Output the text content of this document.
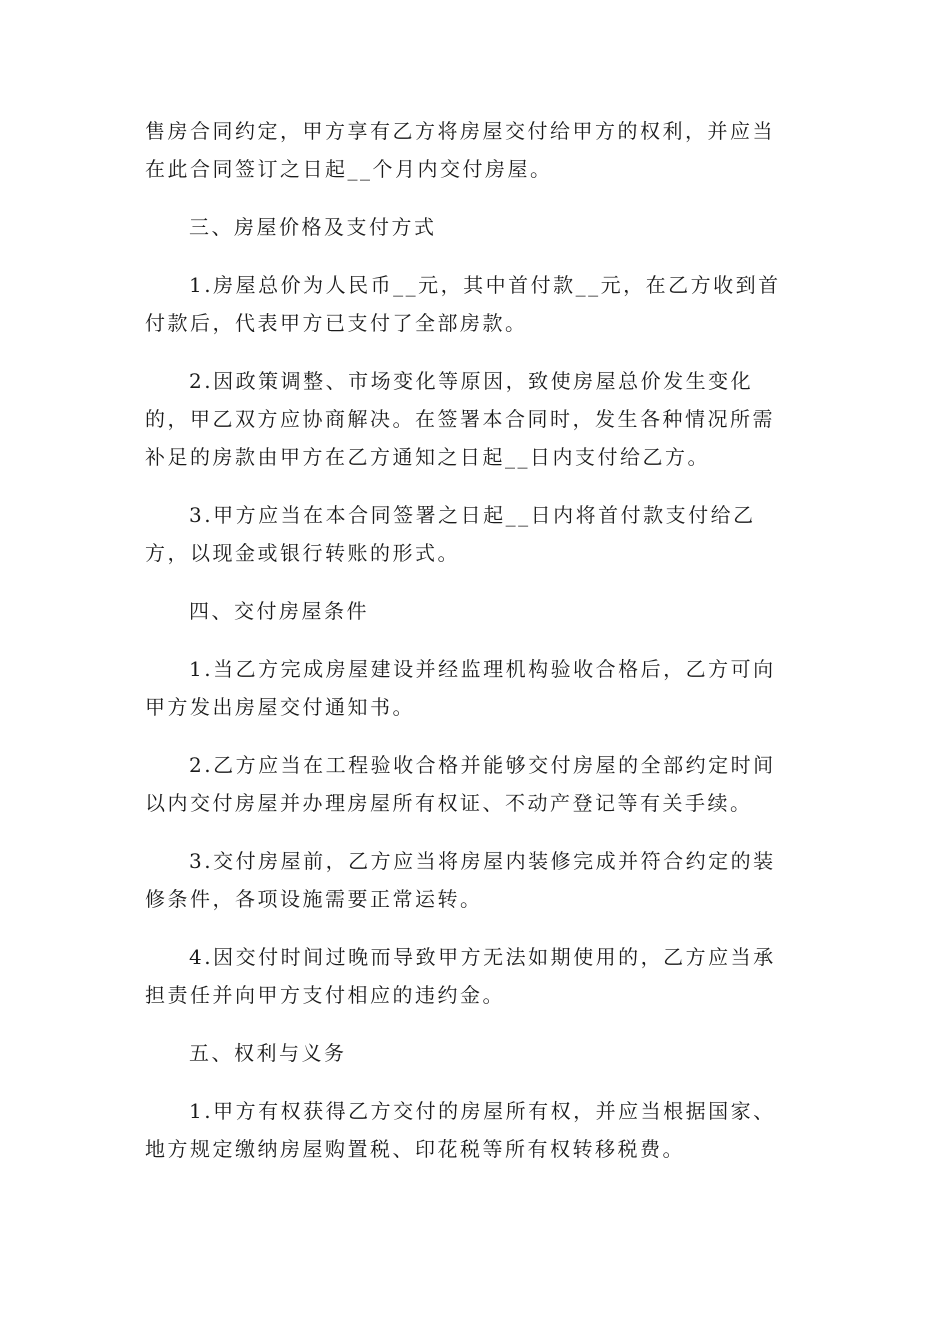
售房合同约定，甲方享有乙方将房屋交付给甲方的权利，并应当在此合同签订之日起__个月内交付房屋。

三、房屋价格及支付方式

1.房屋总价为人民币__元，其中首付款__元，在乙方收到首付款后，代表甲方已支付了全部房款。

2.因政策调整、市场变化等原因，致使房屋总价发生变化的，甲乙双方应协商解决。在签署本合同时，发生各种情况所需补足的房款由甲方在乙方通知之日起__日内支付给乙方。

3.甲方应当在本合同签署之日起__日内将首付款支付给乙方，以现金或银行转账的形式。

四、交付房屋条件

1.当乙方完成房屋建设并经监理机构验收合格后，乙方可向甲方发出房屋交付通知书。

2.乙方应当在工程验收合格并能够交付房屋的全部约定时间以内交付房屋并办理房屋所有权证、不动产登记等有关手续。

3.交付房屋前，乙方应当将房屋内装修完成并符合约定的装修条件，各项设施需要正常运转。

4.因交付时间过晚而导致甲方无法如期使用的，乙方应当承担责任并向甲方支付相应的违约金。

五、权利与义务

1.甲方有权获得乙方交付的房屋所有权，并应当根据国家、地方规定缴纳房屋购置税、印花税等所有权转移税费。
